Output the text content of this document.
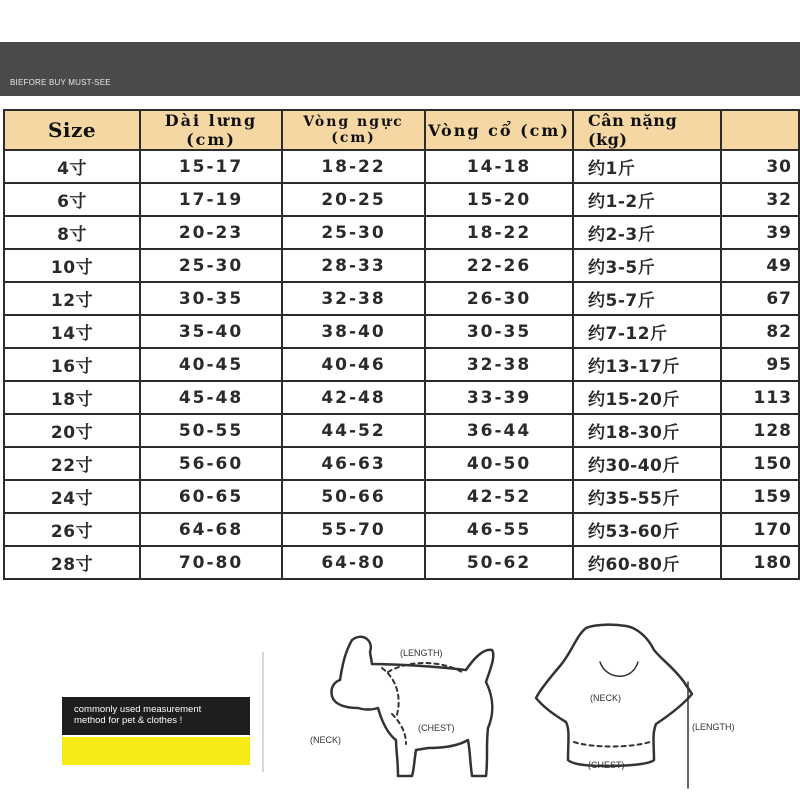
BIEFORE BUY MUST-SEE
Size	Dài lưng (cm)	Vòng ngực (cm)	Vòng cổ (cm)	Cân nặng (kg)	
4寸	15-17	18-22	14-18	约1斤	30
6寸	17-19	20-25	15-20	约1-2斤	32
8寸	20-23	25-30	18-22	约2-3斤	39
10寸	25-30	28-33	22-26	约3-5斤	49
12寸	30-35	32-38	26-30	约5-7斤	67
14寸	35-40	38-40	30-35	约7-12斤	82
16寸	40-45	40-46	32-38	约13-17斤	95
18寸	45-48	42-48	33-39	约15-20斤	113
20寸	50-55	44-52	36-44	约18-30斤	128
22寸	56-60	46-63	40-50	约30-40斤	150
24寸	60-65	50-66	42-52	约35-55斤	159
26寸	64-68	55-70	46-55	约53-60斤	170
28寸	70-80	64-80	50-62	约60-80斤	180
commonly used measurement
method for pet & clothes !
(LENGTH)
(NECK)
(CHEST)
(NECK)
(LENGTH)
(CHEST)
